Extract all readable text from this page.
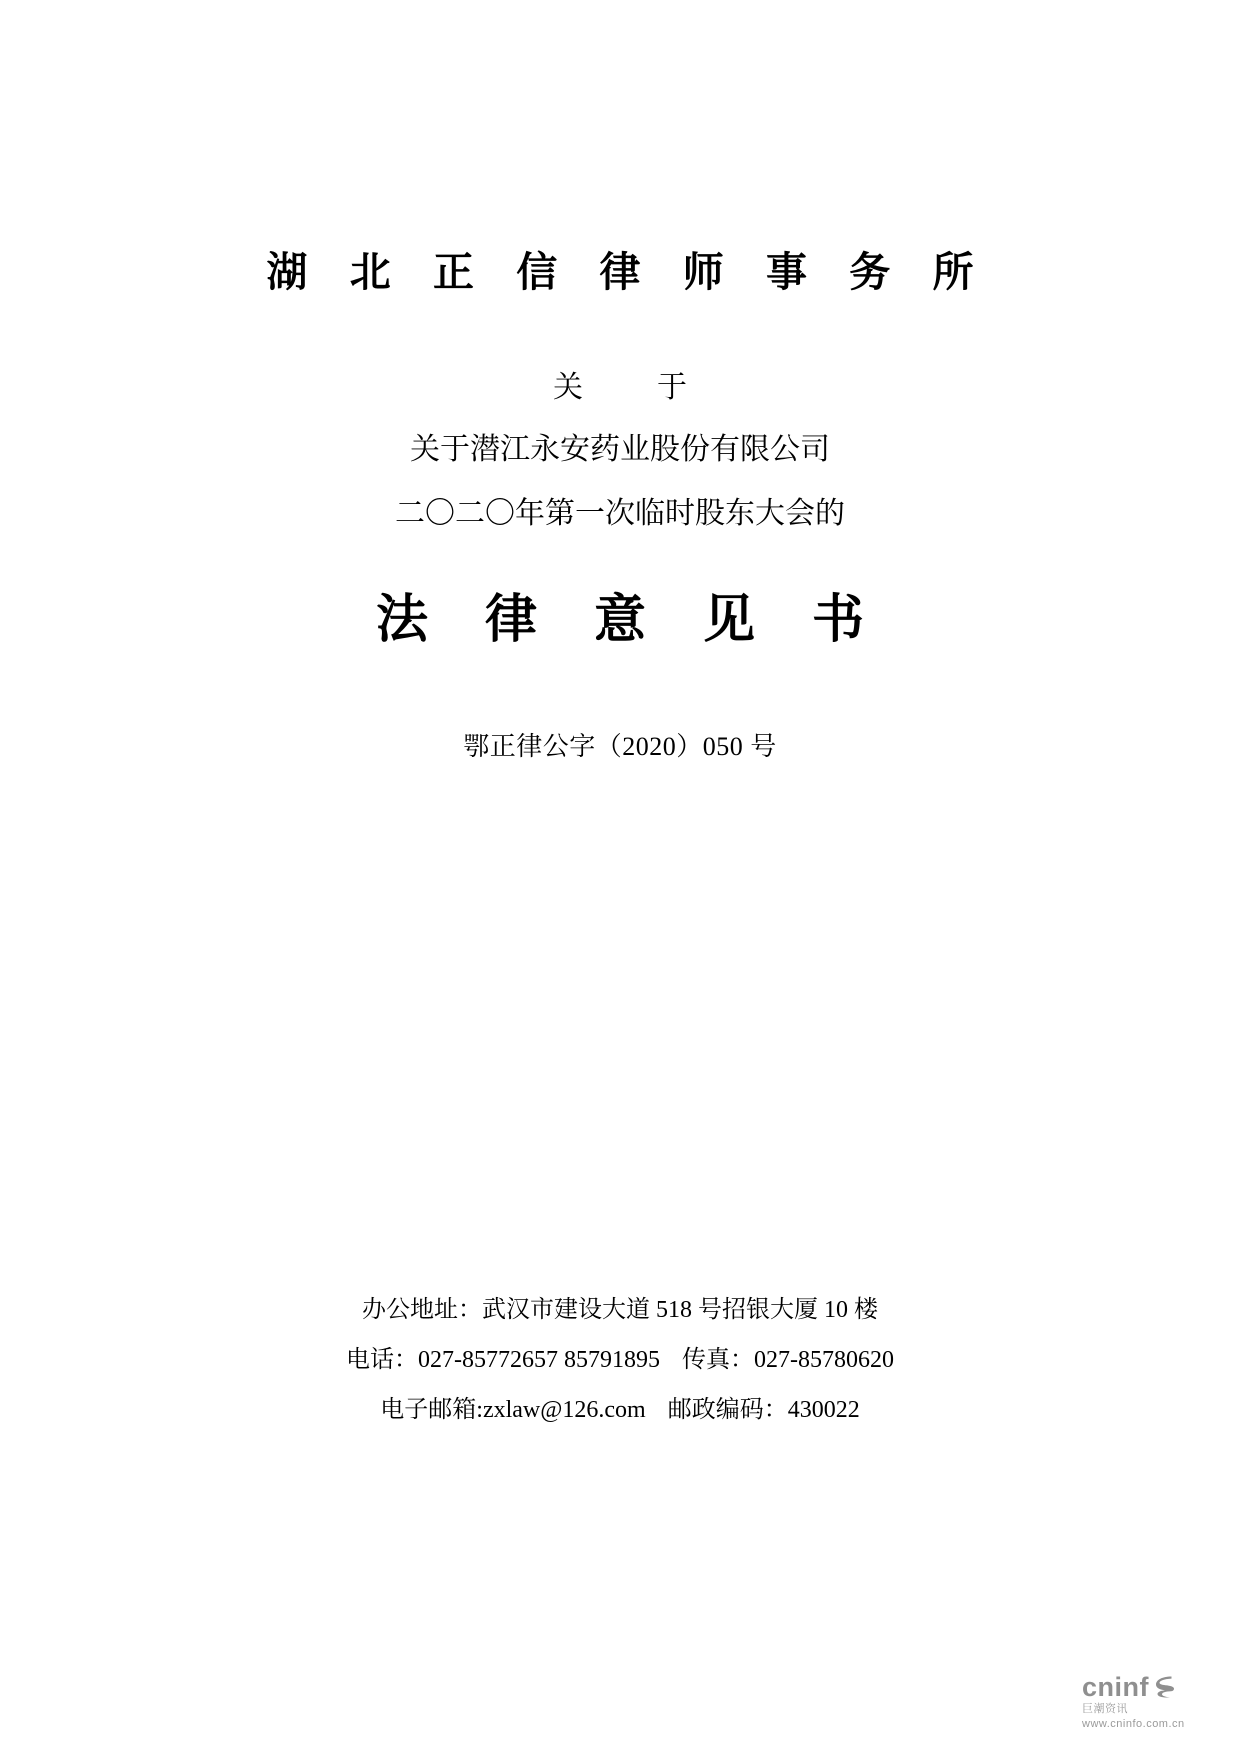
湖 北 正 信 律 师 事 务 所
关 于
关于潜江永安药业股份有限公司
二〇二〇年第一次临时股东大会的
法 律 意 见 书
鄂正律公字（2020）050 号
办公地址：武汉市建设大道 518 号招银大厦 10 楼
电话：027-85772657 85791895 传真：027-85780620
电子邮箱:zxlaw@126.com 邮政编码：430022
cninf
巨潮资讯
www.cninfo.com.cn
